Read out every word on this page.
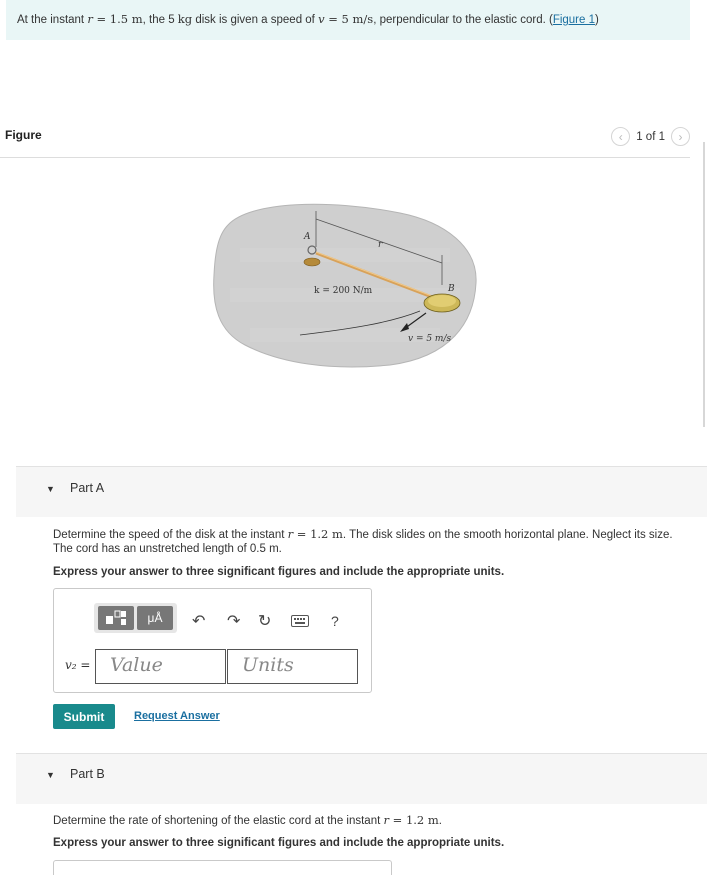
At the instant r = 1.5 m, the 5 kg disk is given a speed of v = 5 m/s, perpendicular to the elastic cord. (Figure 1)
Figure	‹ 1 of 1 ›
r
A
k = 200 N/m	B
v = 5 m/s
▼ Part A
Determine the speed of the disk at the instant r = 1.2 m. The disk slides on the smooth horizontal plane. Neglect its size.
The cord has an unstretched length of 0.5 m.
Express your answer to three significant figures and include the appropriate units.
μÅ ↶ ↷ ↻	?
v₂ =	Value	Units
Submit	Request Answer
▼ Part B
Determine the rate of shortening of the elastic cord at the instant r = 1.2 m.
Express your answer to three significant figures and include the appropriate units.
